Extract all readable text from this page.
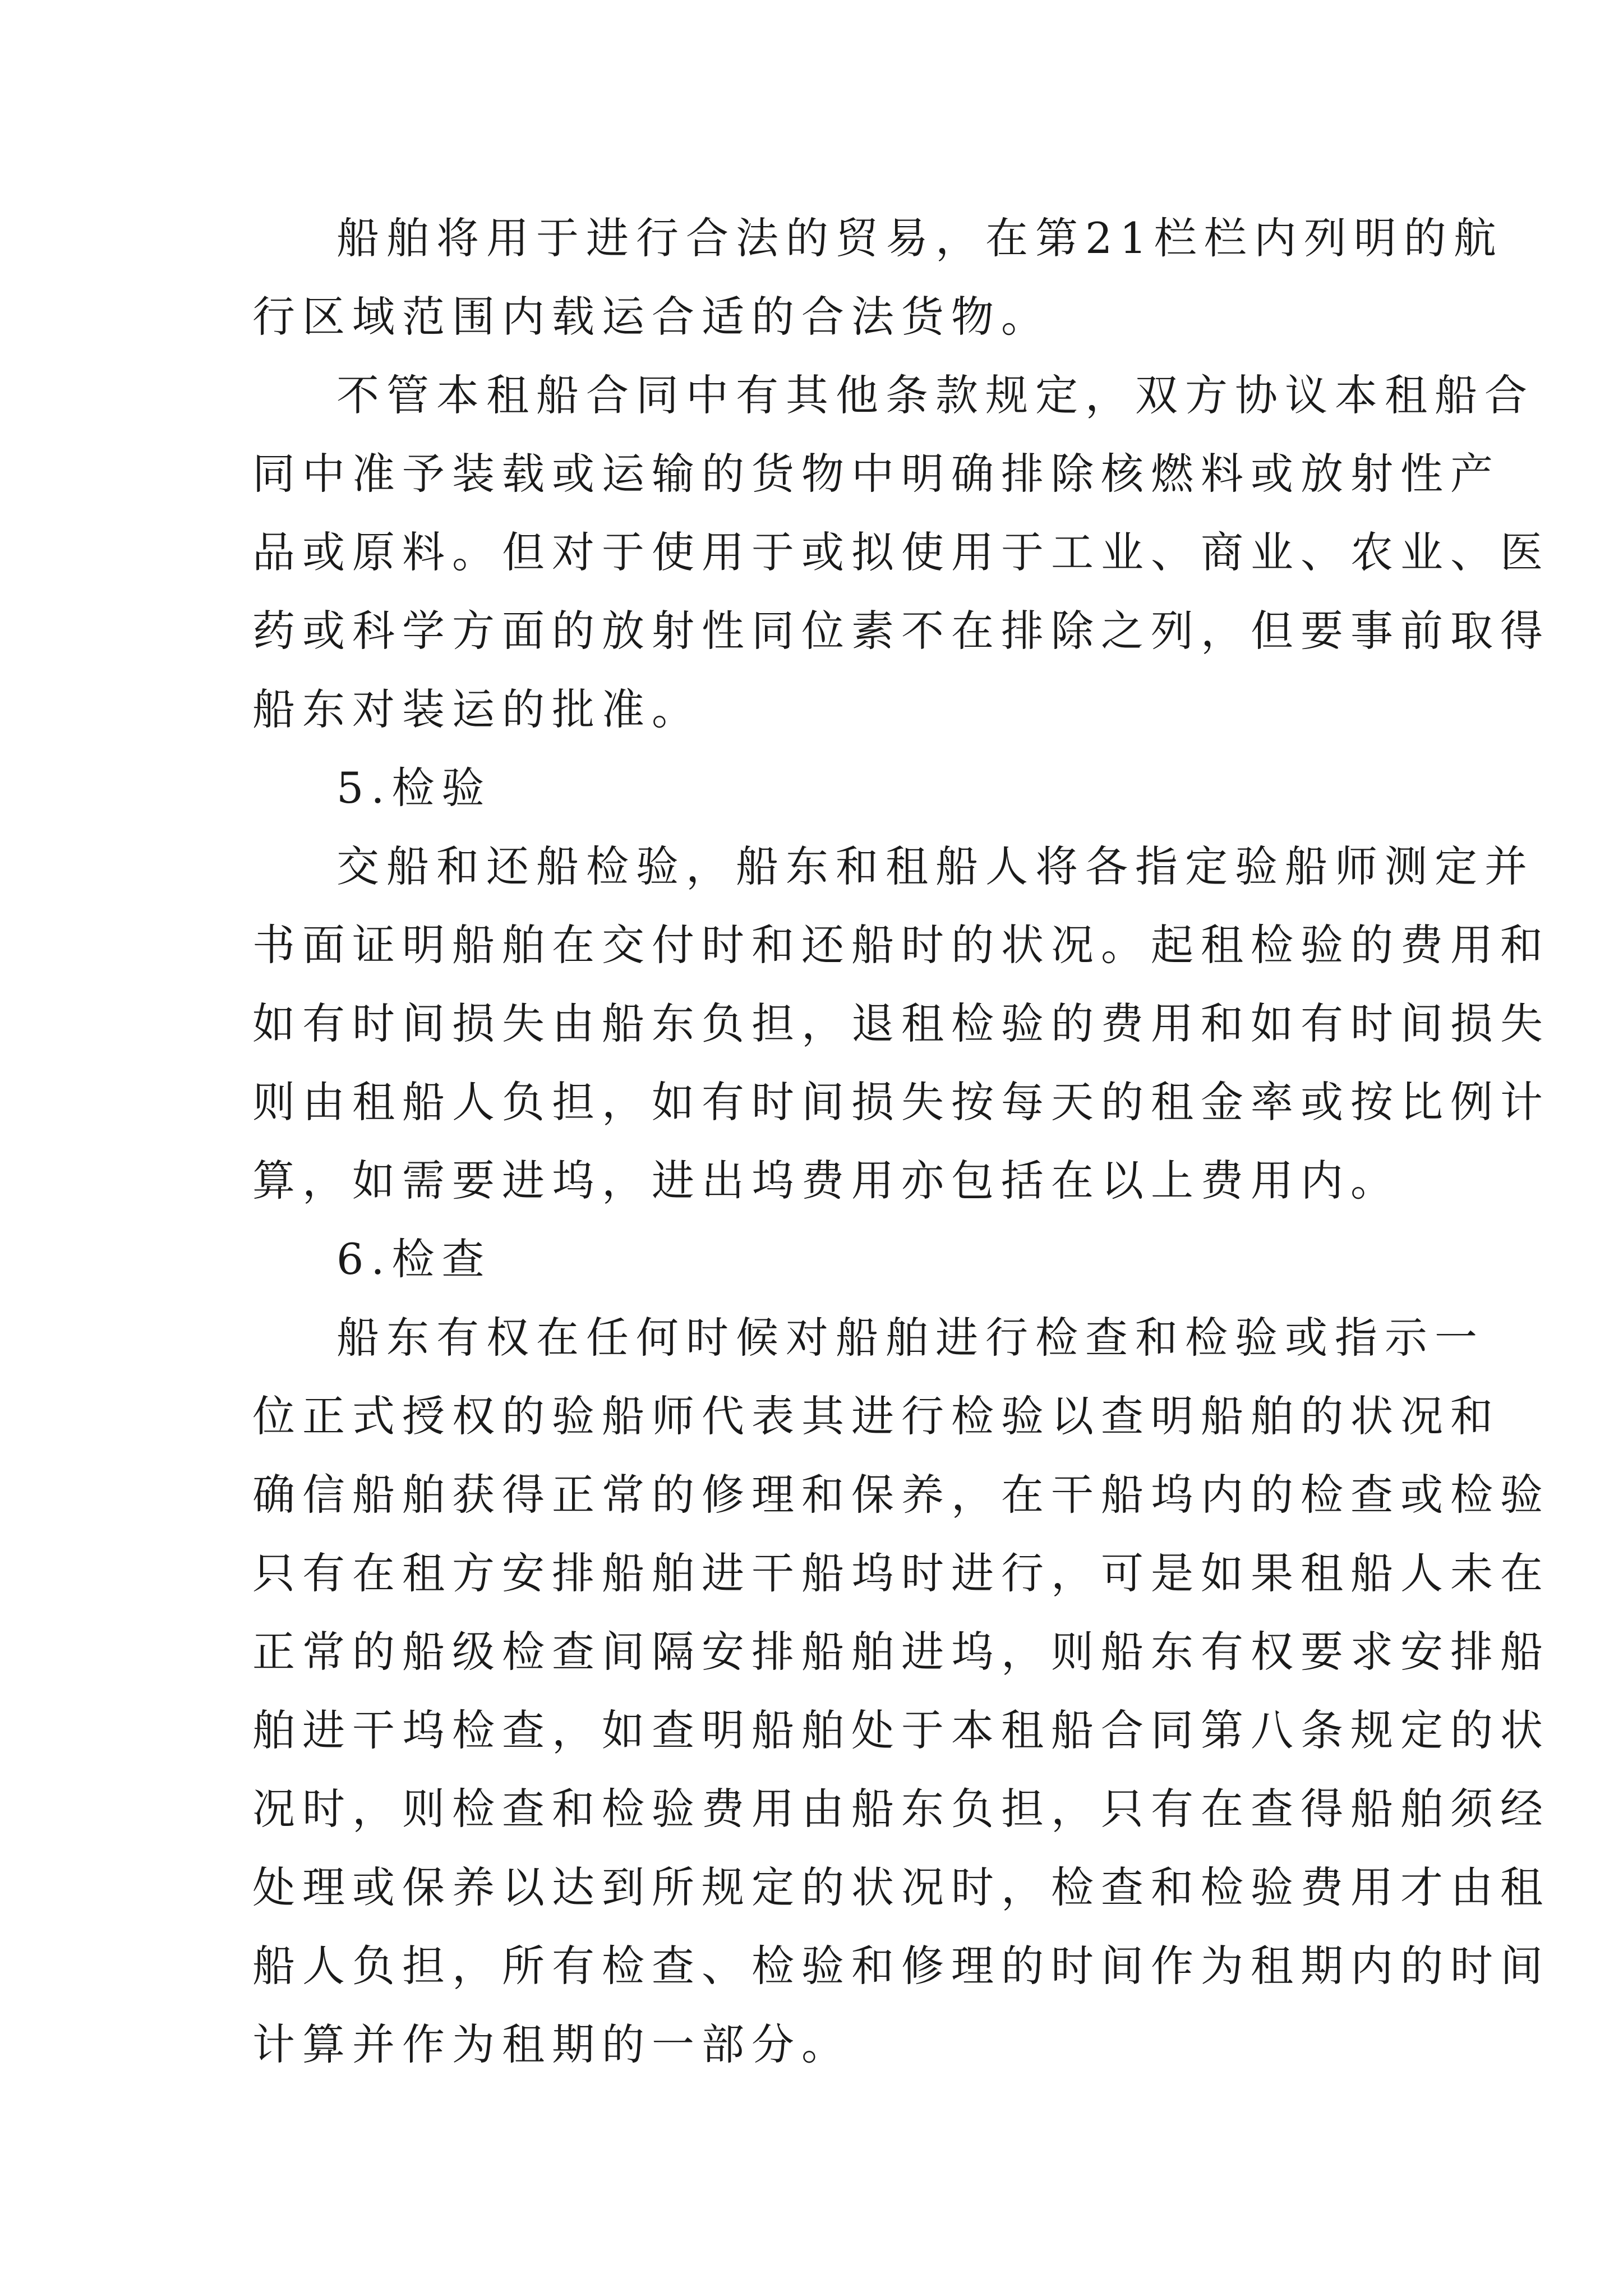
船舶将用于进行合法的贸易，在第21栏栏内列明的航
行区域范围内载运合适的合法货物。
不管本租船合同中有其他条款规定，双方协议本租船合
同中准予装载或运输的货物中明确排除核燃料或放射性产
品或原料。但对于使用于或拟使用于工业、商业、农业、医
药或科学方面的放射性同位素不在排除之列，但要事前取得
船东对装运的批准。
5.检验
交船和还船检验，船东和租船人将各指定验船师测定并
书面证明船舶在交付时和还船时的状况。起租检验的费用和
如有时间损失由船东负担，退租检验的费用和如有时间损失
则由租船人负担，如有时间损失按每天的租金率或按比例计
算，如需要进坞，进出坞费用亦包括在以上费用内。
6.检查
船东有权在任何时候对船舶进行检查和检验或指示一
位正式授权的验船师代表其进行检验以查明船舶的状况和
确信船舶获得正常的修理和保养，在干船坞内的检查或检验
只有在租方安排船舶进干船坞时进行，可是如果租船人未在
正常的船级检查间隔安排船舶进坞，则船东有权要求安排船
舶进干坞检查，如查明船舶处于本租船合同第八条规定的状
况时，则检查和检验费用由船东负担，只有在查得船舶须经
处理或保养以达到所规定的状况时，检查和检验费用才由租
船人负担，所有检查、检验和修理的时间作为租期内的时间
计算并作为租期的一部分。
